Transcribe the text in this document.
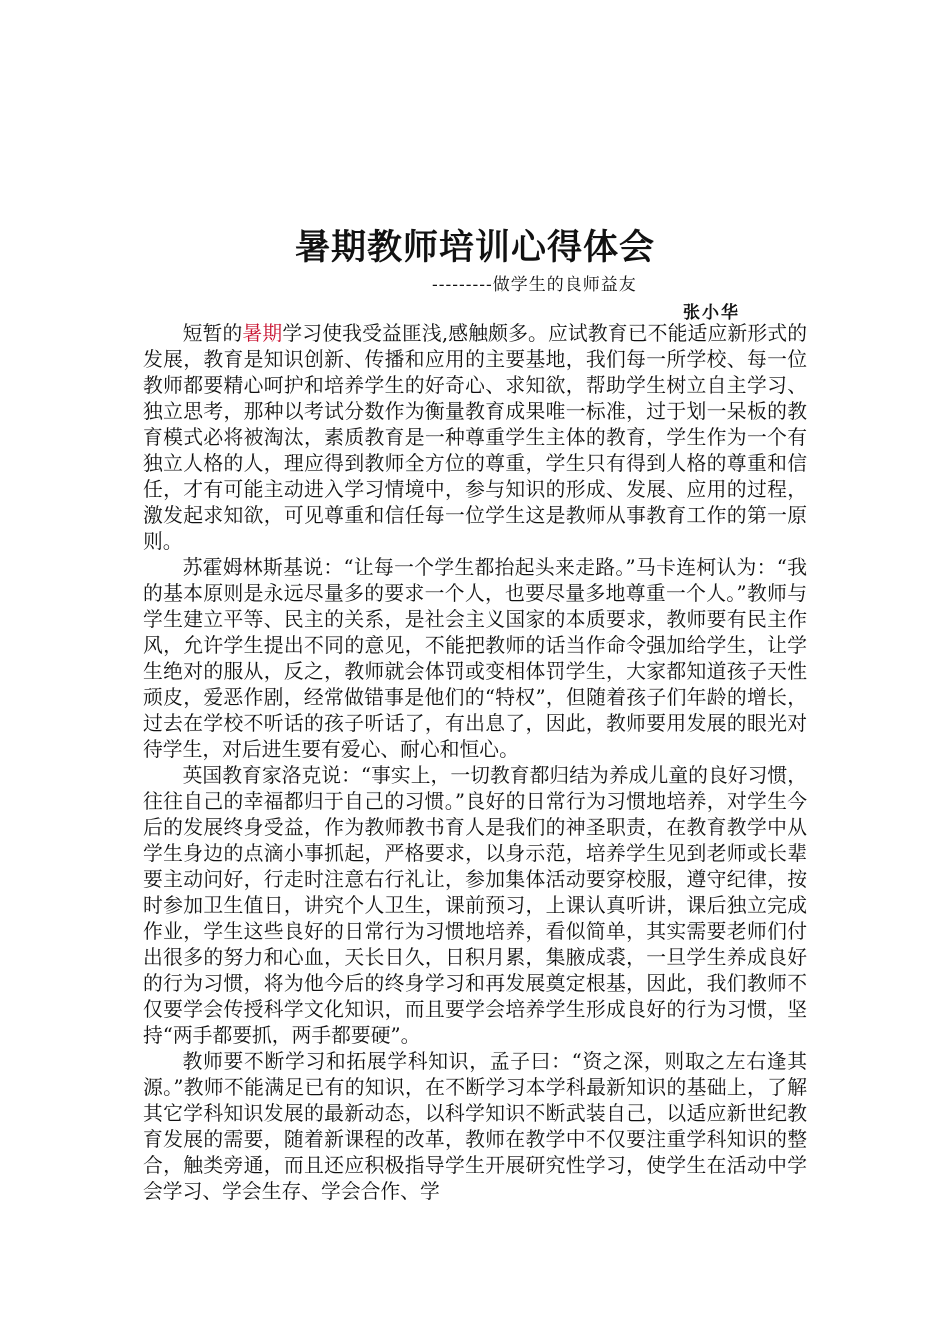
暑期教师培训心得体会
---------做学生的良师益友
张小华

短暂的暑期学习使我受益匪浅,感触颇多。应试教育已不能适应新形式的发展，教育是知识创新、传播和应用的主要基地，我们每一所学校、每一位教师都要精心呵护和培养学生的好奇心、求知欲，帮助学生树立自主学习、独立思考，那种以考试分数作为衡量教育成果唯一标准，过于划一呆板的教育模式必将被淘汰，素质教育是一种尊重学生主体的教育，学生作为一个有独立人格的人，理应得到教师全方位的尊重，学生只有得到人格的尊重和信任，才有可能主动进入学习情境中，参与知识的形成、发展、应用的过程，激发起求知欲，可见尊重和信任每一位学生这是教师从事教育工作的第一原则。

苏霍姆林斯基说：“让每一个学生都抬起头来走路。”马卡连柯认为：“我的基本原则是永远尽量多的要求一个人，也要尽量多地尊重一个人。”教师与学生建立平等、民主的关系，是社会主义国家的本质要求，教师要有民主作风，允许学生提出不同的意见，不能把教师的话当作命令强加给学生，让学生绝对的服从，反之，教师就会体罚或变相体罚学生，大家都知道孩子天性顽皮，爱恶作剧，经常做错事是他们的“特权”，但随着孩子们年龄的增长，过去在学校不听话的孩子听话了，有出息了，因此，教师要用发展的眼光对待学生，对后进生要有爱心、耐心和恒心。

英国教育家洛克说：“事实上，一切教育都归结为养成儿童的良好习惯，往往自己的幸福都归于自己的习惯。”良好的日常行为习惯地培养，对学生今后的发展终身受益，作为教师教书育人是我们的神圣职责，在教育教学中从学生身边的点滴小事抓起，严格要求，以身示范，培养学生见到老师或长辈要主动问好，行走时注意右行礼让，参加集体活动要穿校服，遵守纪律，按时参加卫生值日，讲究个人卫生，课前预习，上课认真听讲，课后独立完成作业，学生这些良好的日常行为习惯地培养，看似简单，其实需要老师们付出很多的努力和心血，天长日久，日积月累，集腋成裘，一旦学生养成良好的行为习惯，将为他今后的终身学习和再发展奠定根基，因此，我们教师不仅要学会传授科学文化知识，而且要学会培养学生形成良好的行为习惯，坚持“两手都要抓，两手都要硬”。

教师要不断学习和拓展学科知识，孟子曰：“资之深，则取之左右逢其源。”教师不能满足已有的知识，在不断学习本学科最新知识的基础上，了解其它学科知识发展的最新动态，以科学知识不断武装自己，以适应新世纪教育发展的需要，随着新课程的改革，教师在教学中不仅要注重学科知识的整合，触类旁通，而且还应积极指导学生开展研究性学习，使学生在活动中学会学习、学会生存、学会合作、学
